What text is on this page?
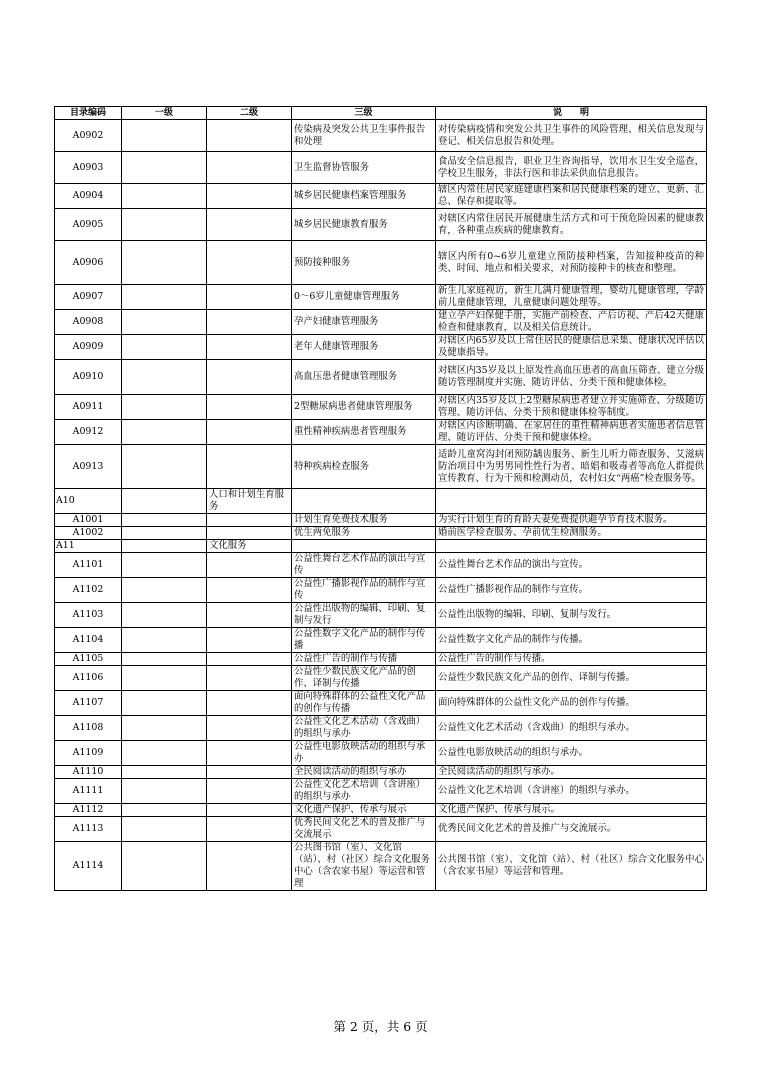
目录编码	一级	二级	三级	说　　明
A0902			传染病及突发公共卫生事件报告和处理	对传染病疫情和突发公共卫生事件的风险管理、相关信息发现与登记、相关信息报告和处理。
A0903			卫生监督协管服务	食品安全信息报告，职业卫生咨询指导，饮用水卫生安全巡查，学校卫生服务，非法行医和非法采供血信息报告。
A0904			城乡居民健康档案管理服务	辖区内常住居民家庭建康档案和居民健康档案的建立、更新、汇总、保存和提取等。
A0905			城乡居民健康教育服务	对辖区内常住居民开展健康生活方式和可干预危险因素的健康教育，各种重点疾病的健康教育。
A0906			预防接种服务	辖区内所有0~6岁儿童建立预防接种档案，告知接种疫苗的种类、时间、地点和相关要求，对预防接种卡的核查和整理。
A0907			0～6岁儿童健康管理服务	新生儿家庭视访，新生儿满月健康管理，婴幼儿健康管理，学龄前儿童健康管理，儿童健康问题处理等。
A0908			孕产妇健康管理服务	建立孕产妇保健手册，实施产前检查、产后访视、产后42天健康检查和健康教育，以及相关信息统计。
A0909			老年人健康管理服务	对辖区内65岁及以上常住居民的健康信息采集、健康状况评估以及健康指导。
A0910			高血压患者健康管理服务	对辖区内35岁及以上原发性高血压患者的高血压筛查、建立分级随访管理制度并实施、随访评估、分类干预和健康体检。
A0911			2型糖尿病患者健康管理服务	对辖区内35岁及以上2型糖尿病患者建立并实施筛查、分级随访管理、随访评估、分类干预和健康体检等制度。
A0912			重性精神疾病患者管理服务	对辖区内诊断明确、在家居住的重性精神病患者实施患者信息管理、随访评估、分类干预和健康体检。
A0913			特种疾病检查服务	适龄儿童窝沟封闭预防龋齿服务、新生儿听力筛查服务、艾滋病防治项目中为男男同性性行为者、暗娼和吸毒者等高危人群提供宣传教育、行为干预和检测动员，农村妇女“两癌”检查服务等。
A10		人口和计划生育服务		
A1001			计划生育免费技术服务	为实行计划生育的育龄夫妻免费提供避孕节育技术服务。
A1002			优生两免服务	婚前医学检查服务、孕前优生检测服务。
A11		文化服务		
A1101			公益性舞台艺术作品的演出与宣传	公益性舞台艺术作品的演出与宣传。
A1102			公益性广播影视作品的制作与宣传	公益性广播影视作品的制作与宣传。
A1103			公益性出版物的编辑、印刷、复制与发行	公益性出版物的编辑、印刷、复制与发行。
A1104			公益性数字文化产品的制作与传播	公益性数字文化产品的制作与传播。
A1105			公益性广告的制作与传播	公益性广告的制作与传播。
A1106			公益性少数民族文化产品的创作、译制与传播	公益性少数民族文化产品的创作、译制与传播。
A1107			面向特殊群体的公益性文化产品的创作与传播	面向特殊群体的公益性文化产品的创作与传播。
A1108			公益性文化艺术活动（含戏曲）的组织与承办	公益性文化艺术活动（含戏曲）的组织与承办。
A1109			公益性电影放映活动的组织与承办	公益性电影放映活动的组织与承办。
A1110			全民阅读活动的组织与承办	全民阅读活动的组织与承办。
A1111			公益性文化艺术培训（含讲座）的组织与承办	公益性文化艺术培训（含讲座）的组织与承办。
A1112			文化遗产保护、传承与展示	文化遗产保护、传承与展示。
A1113			优秀民间文化艺术的普及推广与交流展示	优秀民间文化艺术的普及推广与交流展示。
A1114			公共图书馆（室）、文化馆（站）、村（社区）综合文化服务中心（含农家书屋）等运营和管理	公共图书馆（室）、文化馆（站）、村（社区）综合文化服务中心（含农家书屋）等运营和管理。
第 2 页，共 6 页
